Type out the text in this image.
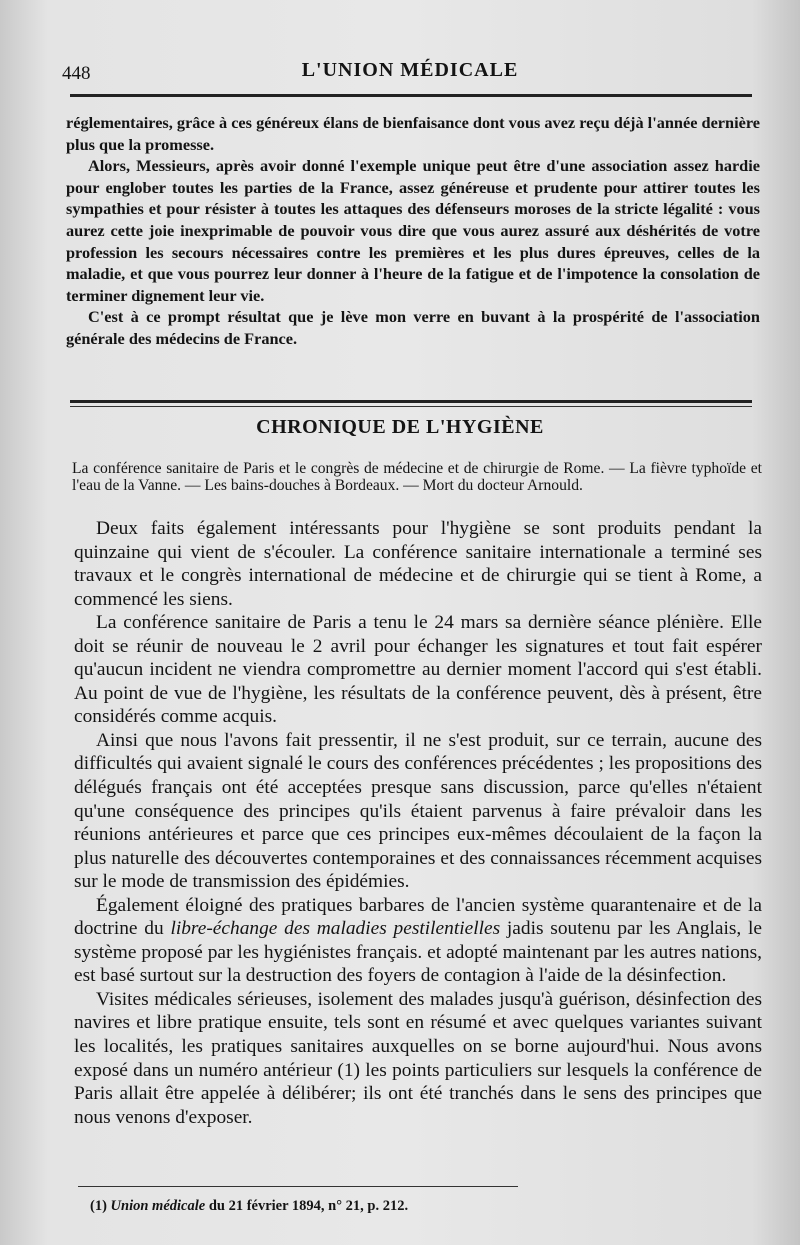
448	L'UNION MÉDICALE

réglementaires, grâce à ces généreux élans de bienfaisance dont vous avez reçu déjà l'année dernière plus que la promesse.

Alors, Messieurs, après avoir donné l'exemple unique peut être d'une association assez hardie pour englober toutes les parties de la France, assez généreuse et prudente pour attirer toutes les sympathies et pour résister à toutes les attaques des défenseurs moroses de la stricte légalité : vous aurez cette joie inexprimable de pouvoir vous dire que vous aurez assuré aux déshérités de votre profession les secours nécessaires contre les premières et les plus dures épreuves, celles de la maladie, et que vous pourrez leur donner à l'heure de la fatigue et de l'impotence la consolation de terminer dignement leur vie.

C'est à ce prompt résultat que je lève mon verre en buvant à la prospérité de l'association générale des médecins de France.

CHRONIQUE DE L'HYGIÈNE
La conférence sanitaire de Paris et le congrès de médecine et de chirurgie de Rome. — La fièvre typhoïde et l'eau de la Vanne. — Les bains-douches à Bordeaux. — Mort du docteur Arnould.

Deux faits également intéressants pour l'hygiène se sont produits pendant la quinzaine qui vient de s'écouler. La conférence sanitaire internationale a terminé ses travaux et le congrès international de médecine et de chirurgie qui se tient à Rome, a commencé les siens.

La conférence sanitaire de Paris a tenu le 24 mars sa dernière séance plénière. Elle doit se réunir de nouveau le 2 avril pour échanger les signatures et tout fait espérer qu'aucun incident ne viendra compromettre au dernier moment l'accord qui s'est établi. Au point de vue de l'hygiène, les résultats de la conférence peuvent, dès à présent, être considérés comme acquis.

Ainsi que nous l'avons fait pressentir, il ne s'est produit, sur ce terrain, aucune des difficultés qui avaient signalé le cours des conférences précédentes ; les propositions des délégués français ont été acceptées presque sans discussion, parce qu'elles n'étaient qu'une conséquence des principes qu'ils étaient parvenus à faire prévaloir dans les réunions antérieures et parce que ces principes eux-mêmes découlaient de la façon la plus naturelle des découvertes contemporaines et des connaissances récemment acquises sur le mode de transmission des épidémies.

Également éloigné des pratiques barbares de l'ancien système quarantenaire et de la doctrine du libre-échange des maladies pestilentielles jadis soutenu par les Anglais, le système proposé par les hygiénistes français. et adopté maintenant par les autres nations, est basé surtout sur la destruction des foyers de contagion à l'aide de la désinfection.

Visites médicales sérieuses, isolement des malades jusqu'à guérison, désinfection des navires et libre pratique ensuite, tels sont en résumé et avec quelques variantes suivant les localités, les pratiques sanitaires auxquelles on se borne aujourd'hui. Nous avons exposé dans un numéro antérieur (1) les points particuliers sur lesquels la conférence de Paris allait être appelée à délibérer; ils ont été tranchés dans le sens des principes que nous venons d'exposer.

(1) Union médicale du 21 février 1894, n° 21, p. 212.
